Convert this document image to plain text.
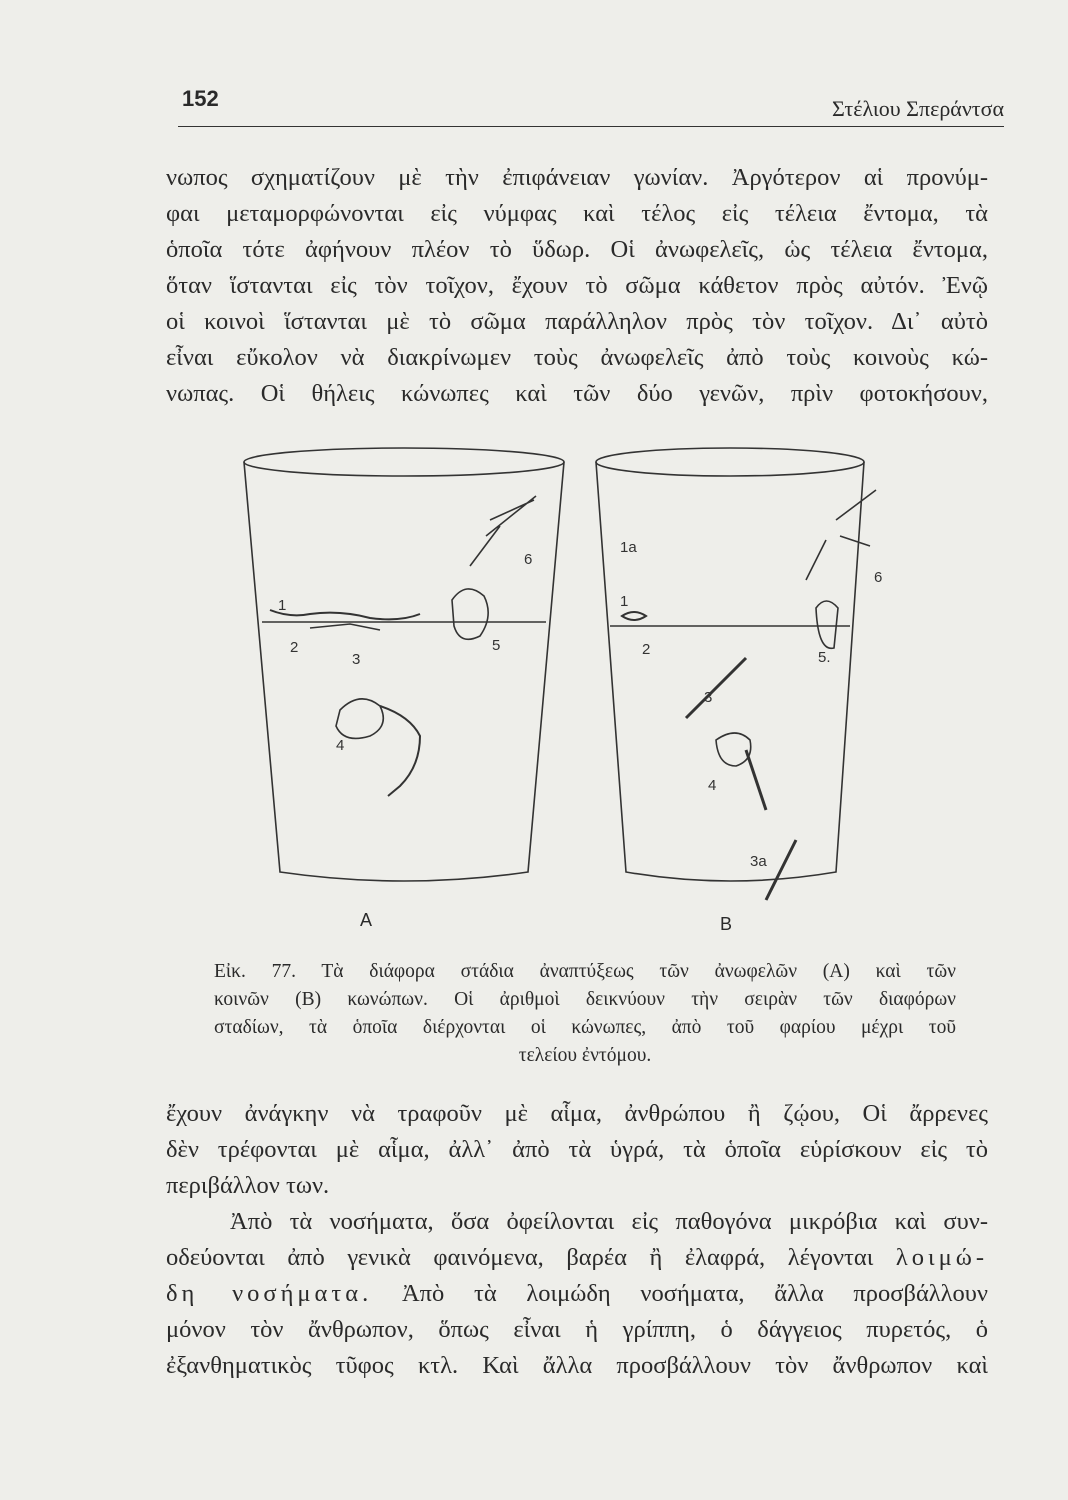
152	Στέλιου Σπεράντσα

νωπος σχηματίζουν μὲ τὴν ἐπιφάνειαν γωνίαν. Ἀργότερον αἱ προνύμ-
φαι μεταμορφώνονται εἰς νύμφας καὶ τέλος εἰς τέλεια ἔντομα, τὰ
ὁποῖα τότε ἀφήνουν πλέον τὸ ὕδωρ. Οἱ ἀνωφελεῖς, ὡς τέλεια ἔντομα,
ὅταν ἵστανται εἰς τὸν τοῖχον, ἔχουν τὸ σῶμα κάθετον πρὸς αὐτόν. Ἐνῷ
οἱ κοινοὶ ἵστανται μὲ τὸ σῶμα παράλληλον πρὸς τὸν τοῖχον. Δι᾽ αὐτὸ
εἶναι εὔκολον νὰ διακρίνωμεν τοὺς ἀνωφελεῖς ἀπὸ τοὺς κοινοὺς κώ-
νωπας. Οἱ θήλεις κώνωπες καὶ τῶν δύο γενῶν, πρὶν φοτοκήσουν,

1
2
3
4
5
6
1a
1
2
3
3a
4
5.
6
A	B
Εἰκ. 77. Τὰ διάφορα στάδια ἀναπτύξεως τῶν ἀνωφελῶν (Α) καὶ τῶν
κοινῶν (Β) κωνώπων. Οἱ ἀριθμοὶ δεικνύουν τὴν σειρὰν τῶν διαφόρων
σταδίων, τὰ ὁποῖα διέρχονται οἱ κώνωπες, ἀπὸ τοῦ φαρίου μέχρι τοῦ
τελείου ἐντόμου.

ἔχουν ἀνάγκην νὰ τραφοῦν μὲ αἷμα, ἀνθρώπου ἢ ζῴου, Οἱ ἄρρενες
δὲν τρέφονται μὲ αἷμα, ἀλλ᾽ ἀπὸ τὰ ὑγρά, τὰ ὁποῖα εὑρίσκουν εἰς τὸ
περιβάλλον των.
Ἀπὸ τὰ νοσήματα, ὅσα ὀφείλονται εἰς παθογόνα μικρόβια καὶ συν-
οδεύονται ἀπὸ γενικὰ φαινόμενα, βαρέα ἢ ἐλαφρά, λέγονται λοιμώ-
δη νοσήματα. Ἀπὸ τὰ λοιμώδη νοσήματα, ἄλλα προσβάλλουν
μόνον τὸν ἄνθρωπον, ὅπως εἶναι ἡ γρίππη, ὁ δάγγειος πυρετός, ὁ
ἐξανθηματικὸς τῦφος κτλ. Καὶ ἄλλα προσβάλλουν τὸν ἄνθρωπον καὶ
